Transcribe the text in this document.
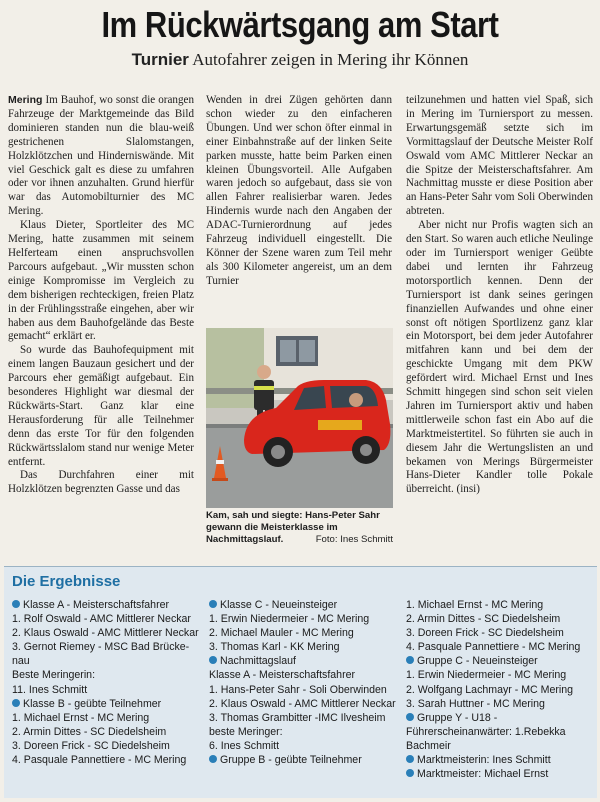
Im Rückwärtsgang am Start
Turnier Autofahrer zeigen in Mering ihr Können

Mering Im Bauhof, wo sonst die orangen Fahrzeuge der Marktgemeinde das Bild dominieren standen nun die blau-weiß gestrichenen Slalomstangen, Holzklötzchen und Hinderniswände. Mit viel Geschick galt es diese zu umfahren oder vor ihnen anzuhalten. Grund hierfür war das Automobilturnier des MC Mering.

Klaus Dieter, Sportleiter des MC Mering, hatte zusammen mit seinem Helferteam einen anspruchsvollen Parcours aufgebaut. „Wir mussten schon einige Kompromisse im Vergleich zu dem bisherigen rechteckigen, freien Platz in der Frühlingsstraße eingehen, aber wir haben aus dem Bauhofgelände das Beste gemacht“ erklärt er.

So wurde das Bauhofequipment mit einem langen Bauzaun gesichert und der Parcours eher gemäßigt aufgebaut. Ein besonderes Highlight war diesmal der Rückwärts-Start. Ganz klar eine Herausforderung für alle Teilnehmer denn das erste Tor für den folgenden Rückwärtsslalom stand nur wenige Meter entfernt.

Das Durchfahren einer mit Holzklötzen begrenzten Gasse und das

Wenden in drei Zügen gehörten dann schon wieder zu den einfacheren Übungen. Und wer schon öfter einmal in einer Einbahnstraße auf der linken Seite parken musste, hatte beim Parken einen kleinen Übungsvorteil. Alle Aufgaben waren jedoch so aufgebaut, dass sie von allen Fahrer realisierbar waren. Jedes Hindernis wurde nach den Angaben der ADAC-Turnierordnung auf jedes Fahrzeug individuell eingestellt. Die Könner der Szene waren zum Teil mehr als 300 Kilometer angereist, um an dem Turnier

teilzunehmen und hatten viel Spaß, sich in Mering im Turniersport zu messen. Erwartungsgemäß setzte sich im Vormittagslauf der Deutsche Meister Rolf Oswald vom AMC Mittlerer Neckar an die Spitze der Meisterschaftsfahrer. Am Nachmittag musste er diese Position aber an Hans-Peter Sahr vom Soli Oberwinden abtreten.

Aber nicht nur Profis wagten sich an den Start. So waren auch etliche Neulinge oder im Turniersport weniger Geübte dabei und lernten ihr Fahrzeug motorsportlich kennen. Denn der Turniersport ist dank seines geringen finanziellen Aufwandes und ohne einer sonst oft nötigen Sportlizenz ganz klar ein Motorsport, bei dem jeder Autofahrer mitfahren kann und bei dem der geschickte Umgang mit dem PKW gefördert wird. Michael Ernst und Ines Schmitt hingegen sind schon seit vielen Jahren im Turniersport aktiv und haben mittlerweile schon fast ein Abo auf die Marktmeistertitel. So führten sie auch in diesem Jahr die Wertungslisten an und bekamen von Merings Bürgermeister Hans-Dieter Kandler tolle Pokale überreicht. (insi)

Kam, sah und siegte: Hans-Peter Sahr gewann die Meisterklasse im Nachmittagslauf.	Foto: Ines Schmitt
Die Ergebnisse
Klasse A - Meisterschaftsfahrer
1. Rolf Oswald - AMC Mittlerer Neckar
2. Klaus Oswald - AMC Mittlerer Neckar
3. Gernot Riemey - MSC Bad Brücke-
nau
Beste Meringerin:
11. Ines Schmitt
Klasse B - geübte Teilnehmer
1. Michael Ernst - MC Mering
2. Armin Dittes - SC Diedelsheim
3. Doreen Frick - SC Diedelsheim
4. Pasquale Pannettiere - MC Mering
Klasse C - Neueinsteiger
1. Erwin Niedermeier - MC Mering
2. Michael Mauler - MC Mering
3. Thomas Karl - KK Mering
Nachmittagslauf
Klasse A - Meisterschaftsfahrer
1. Hans-Peter Sahr - Soli Oberwinden
2. Klaus Oswald - AMC Mittlerer Neckar
3. Thomas Grambitter -IMC Ilvesheim
beste Meringer:
6. Ines Schmitt
Gruppe B - geübte Teilnehmer
1. Michael Ernst - MC Mering
2. Armin Dittes - SC Diedelsheim
3. Doreen Frick - SC Diedelsheim
4. Pasquale Pannettiere - MC Mering
Gruppe C - Neueinsteiger
1. Erwin Niedermeier - MC Mering
2. Wolfgang Lachmayr - MC Mering
3. Sarah Huttner - MC Mering
Gruppe Y - U18 - Führerscheinanwärter: 1.Rebekka Bachmeir
Marktmeisterin: Ines Schmitt
Marktmeister: Michael Ernst
